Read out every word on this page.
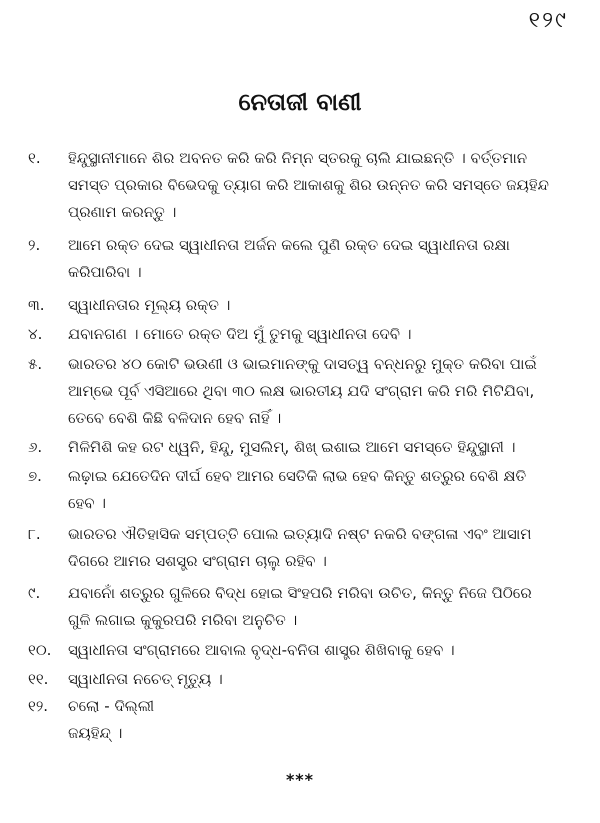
୧୨୯
ନେତାଜୀ ବାଣୀ
୧.	ହିନ୍ଦୁସ୍ଥାନୀମାନେ ଶିର ଅବନତ କରି କରି ନିମ୍ନ ସ୍ତରକୁ ଚାଲି ଯାଇଛନ୍ତି । ବର୍ତ୍ତମାନ
ସମସ୍ତ ପ୍ରକାର ବିଭେଦକୁ ତ୍ୟାଗ କରି ଆକାଶକୁ ଶିର ଉନ୍ନତ କରି ସମସ୍ତେ ଜୟହିନ୍ଦ
ପ୍ରଣାମ କରନ୍ତୁ ।
୨.	ଆମେ ରକ୍ତ ଦେଇ ସ୍ୱାଧୀନତା ଅର୍ଜନ କଲେ ପୁଣି ରକ୍ତ ଦେଇ ସ୍ୱାଧୀନତା ରକ୍ଷା
କରିପାରିବା ।
୩.	ସ୍ୱାଧୀନତାର ମୂଲ୍ୟ ରକ୍ତ ।
୪.	ଯବାନଗଣ । ମୋତେ ରକ୍ତ ଦିଅ ମୁଁ ତୁମକୁ ସ୍ୱାଧୀନତା ଦେବି ।
୫.	ଭାରତର ୪୦ କୋଟି ଭଉଣୀ ଓ ଭାଇମାନଙ୍କୁ ଦାସତ୍ୱ ବନ୍ଧନରୁ ମୁକ୍ତ କରିବା ପାଇଁ
ଆମ୍ଭେ ପୂର୍ବ ଏସିଆରେ ଥିବା ୩୦ ଲକ୍ଷ ଭାରତୀୟ ଯଦି ସଂଗ୍ରାମ କରି ମରି ମିଟିଯିବା,
ତେବେ ବେଶି କିଛି ବଳିଦାନ ହେବ ନାହିଁ ।
୬.	ମିଳିମିଶି କହ ରଟ ଧ୍ୱନି, ହିନ୍ଦୁ, ମୁସଲିମ୍, ଶିଖ୍ ଇଶାଇ ଆମେ ସମସ୍ତେ ହିନ୍ଦୁସ୍ଥାନୀ ।
୭.	ଲଢ଼ାଇ ଯେତେଦିନ ଦୀର୍ଘ ହେବ ଆମର ସେତିକି ଲାଭ ହେବ କିନ୍ତୁ ଶତ୍ରୁର ବେଶି କ୍ଷତି
ହେବ ।
୮.	ଭାରତର ଐତିହାସିକ ସମ୍ପତ୍ତି ପୋଲ ଇତ୍ୟାଦି ନଷ୍ଟ ନକରି ବଙ୍ଗଳା ଏବଂ ଆସାମ
ଦିଗରେ ଆମର ସଶସ୍ତ୍ର ସଂଗ୍ରାମ ଚାଲୁ ରହିବ ।
୯.	ଯବାନୋଁ ଶତ୍ରୁର ଗୁଳିରେ ବିଦ୍ଧ ହୋଇ ସିଂହପରି ମରିବା ଉଚିତ, କିନ୍ତୁ ନିଜେ ପିଠିରେ
ଗୁଳି ଲଗାଇ କୁକୁରପରି ମରିବା ଅନୁଚିତ ।
୧୦.	ସ୍ୱାଧୀନତା ସଂଗ୍ରାମରେ ଆବାଲ ବୃଦ୍ଧ-ବନିତା ଶାସ୍ତ୍ର ଶିଖିବାକୁ ହେବ ।
୧୧.	ସ୍ୱାଧୀନତା ନଚେତ୍ ମୃତ୍ୟୁ ।
୧୨.	ଚଲୋ - ଦିଲ୍ଲୀ
ଜୟହିନ୍ଦ୍ ।
***
